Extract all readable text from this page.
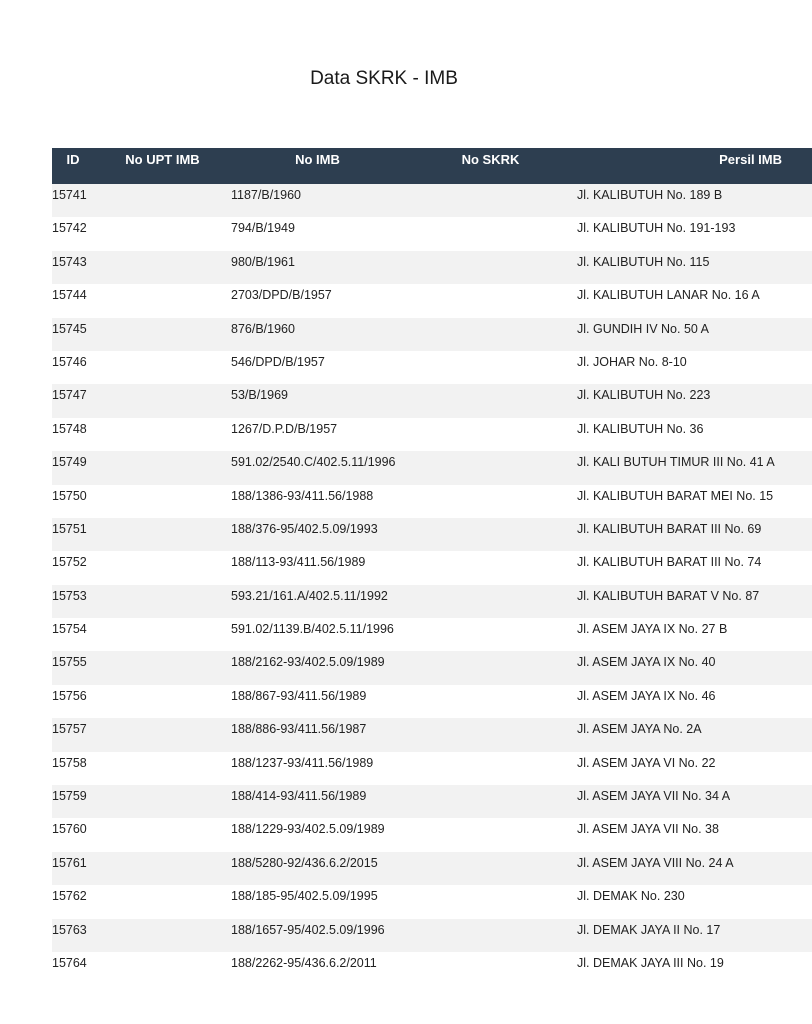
Data SKRK - IMB
ID	No UPT IMB	No IMB	No SKRK	Persil IMB
15741		1187/B/1960		Jl. KALIBUTUH No. 189 B
15742		794/B/1949		Jl. KALIBUTUH No. 191-193
15743		980/B/1961		Jl. KALIBUTUH No. 115
15744		2703/DPD/B/1957		Jl. KALIBUTUH LANAR No. 16 A
15745		876/B/1960		Jl. GUNDIH IV No. 50 A
15746		546/DPD/B/1957		Jl. JOHAR No. 8-10
15747		53/B/1969		Jl. KALIBUTUH No. 223
15748		1267/D.P.D/B/1957		Jl. KALIBUTUH No. 36
15749		591.02/2540.C/402.5.11/1996		Jl. KALI BUTUH TIMUR III No. 41 A
15750		188/1386-93/411.56/1988		Jl. KALIBUTUH BARAT MEI No. 15
15751		188/376-95/402.5.09/1993		Jl. KALIBUTUH BARAT III No. 69
15752		188/113-93/411.56/1989		Jl. KALIBUTUH BARAT III No. 74
15753		593.21/161.A/402.5.11/1992		Jl. KALIBUTUH BARAT V No. 87
15754		591.02/1139.B/402.5.11/1996		Jl. ASEM JAYA IX No. 27 B
15755		188/2162-93/402.5.09/1989		Jl. ASEM JAYA IX No. 40
15756		188/867-93/411.56/1989		Jl. ASEM JAYA IX No. 46
15757		188/886-93/411.56/1987		Jl. ASEM JAYA No. 2A
15758		188/1237-93/411.56/1989		Jl. ASEM JAYA VI No. 22
15759		188/414-93/411.56/1989		Jl. ASEM JAYA VII No. 34 A
15760		188/1229-93/402.5.09/1989		Jl. ASEM JAYA VII No. 38
15761		188/5280-92/436.6.2/2015		Jl. ASEM JAYA VIII No. 24 A
15762		188/185-95/402.5.09/1995		Jl. DEMAK No. 230
15763		188/1657-95/402.5.09/1996		Jl. DEMAK JAYA II No. 17
15764		188/2262-95/436.6.2/2011		Jl. DEMAK JAYA III No. 19
